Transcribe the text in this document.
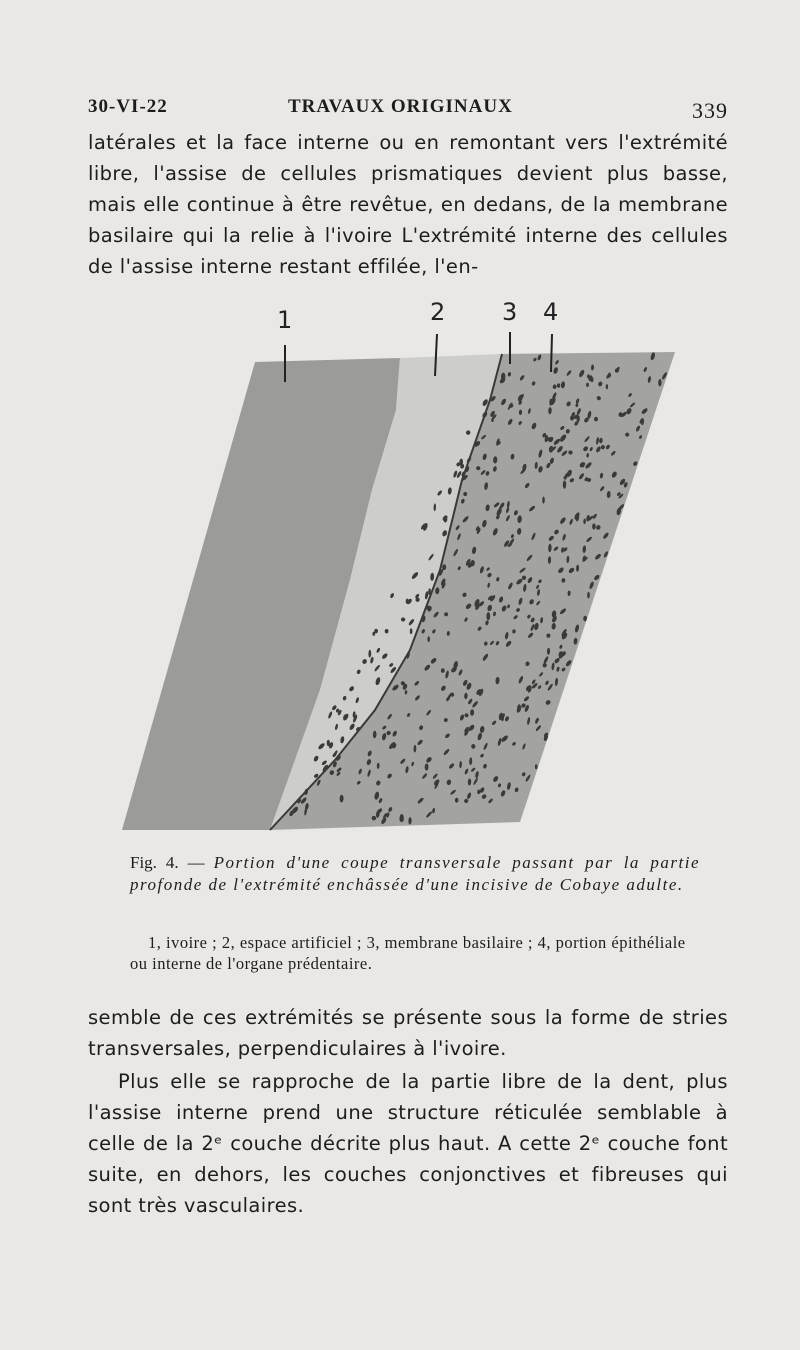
30-VI-22	TRAVAUX ORIGINAUX	339
latérales et la face interne ou en remontant vers l'extrémité libre, l'assise de cellules prismatiques devient plus basse, mais elle continue à être revêtue, en dedans, de la membrane basilaire qui la relie à l'ivoire L'extrémité interne des cellules de l'assise interne restant effilée, l'en-
1	2 3 4
Fig. 4. — Portion d'une coupe transversale passant par la partie profonde de l'extrémité enchâssée d'une incisive de Cobaye adulte.
1, ivoire ; 2, espace artificiel ; 3, membrane basilaire ; 4, portion épithéliale ou interne de l'organe prédentaire.
semble de ces extrémités se présente sous la forme de stries transversales, perpendiculaires à l'ivoire.
Plus elle se rapproche de la partie libre de la dent, plus l'assise interne prend une structure réticulée semblable à celle de la 2ᵉ couche décrite plus haut. A cette 2ᵉ couche font suite, en dehors, les couches conjonctives et fibreuses qui sont très vasculaires.
